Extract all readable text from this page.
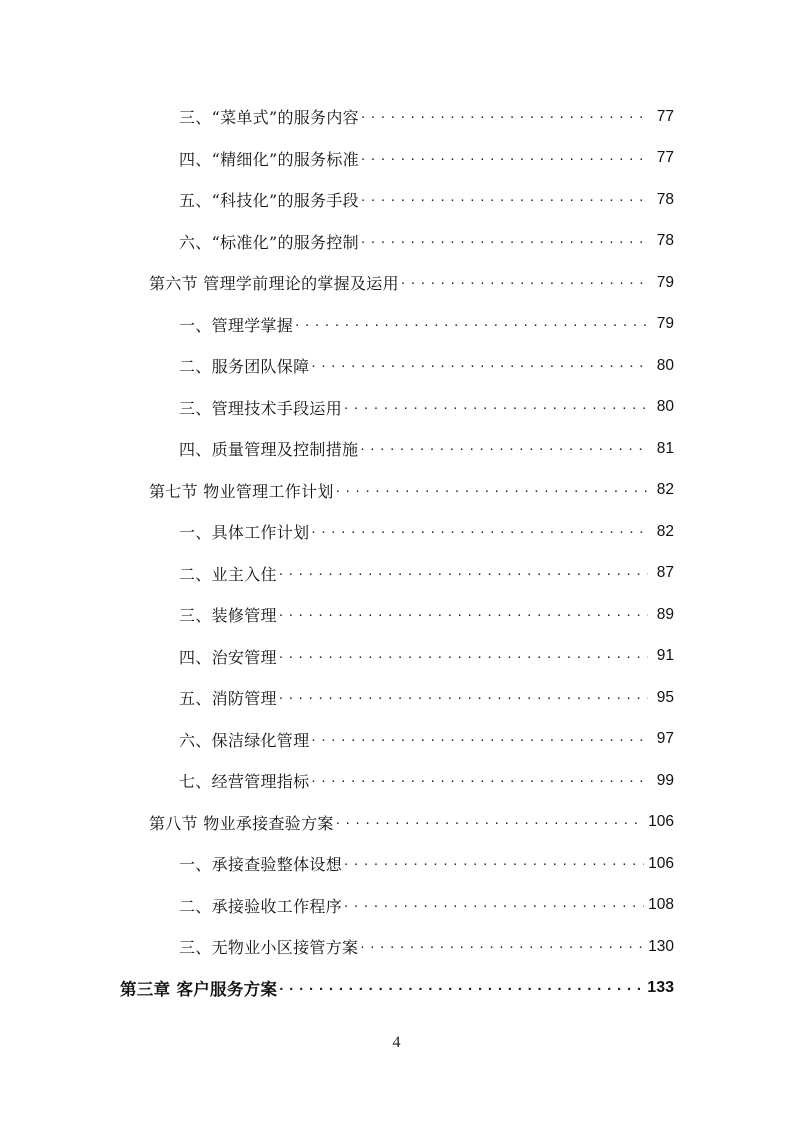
三、“菜单式”的服务内容 . . .	77
四、“精细化”的服务标准 . . .	77
五、“科技化”的服务手段 . . .	78
六、“标准化”的服务控制 . . .	78
第六节 管理学前理论的掌握及运用 . . .	79
一、管理学掌握 . . .	79
二、服务团队保障 . . .	80
三、管理技术手段运用 . . .	80
四、质量管理及控制措施 . . .	81
第七节 物业管理工作计划 . . .	82
一、具体工作计划 . . .	82
二、业主入住 . . .	87
三、装修管理 . . .	89
四、治安管理 . . .	91
五、消防管理 . . .	95
六、保洁绿化管理 . . .	97
七、经营管理指标 . . .	99
第八节 物业承接查验方案 . . .	106
一、承接查验整体设想 . . .	106
二、承接验收工作程序 . . .	108
三、无物业小区接管方案 . . .	130
第三章 客户服务方案 . . .	133
4
